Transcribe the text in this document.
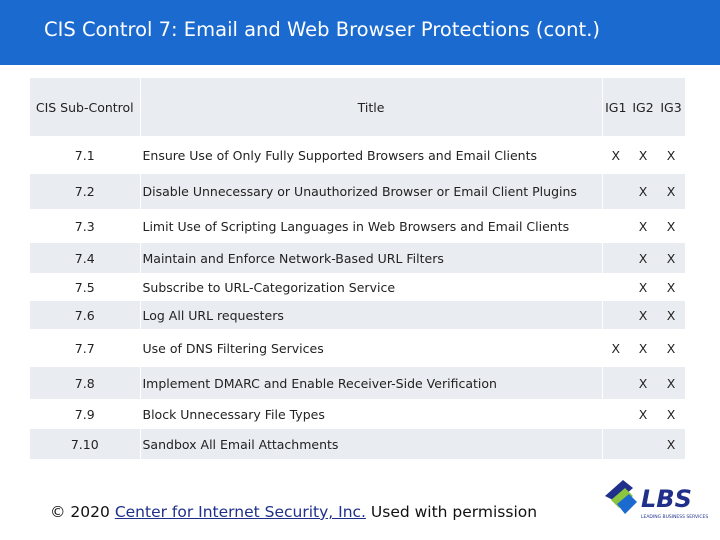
CIS Control 7: Email and Web Browser Protections (cont.)
CIS Sub-Control	Title	IG1	IG2	IG3
7.1	Ensure Use of Only Fully Supported Browsers and Email Clients	X	X	X
7.2	Disable Unnecessary or Unauthorized Browser or Email Client Plugins		X	X
7.3	Limit Use of Scripting Languages in Web Browsers and Email Clients		X	X
7.4	Maintain and Enforce Network-Based URL Filters		X	X
7.5	Subscribe to URL-Categorization Service		X	X
7.6	Log All URL requesters		X	X
7.7	Use of DNS Filtering Services	X	X	X
7.8	Implement DMARC and Enable Receiver-Side Verification		X	X
7.9	Block Unnecessary File Types		X	X
7.10	Sandbox All Email Attachments			X
© 2020 Center for Internet Security, Inc. Used with permission	LBS
LEADING BUSINESS SERVICES
